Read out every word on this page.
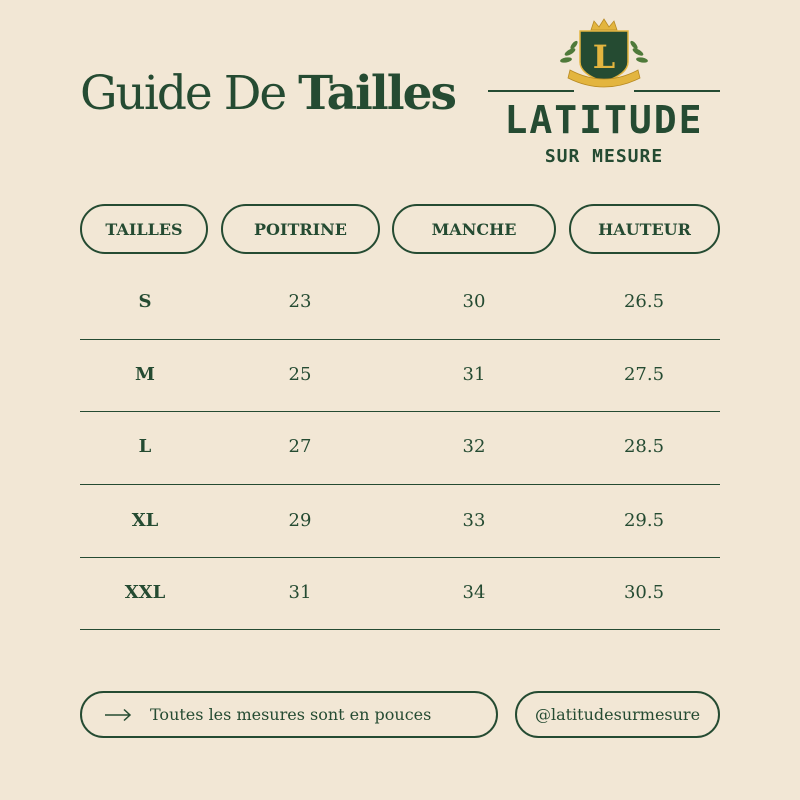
Guide De Tailles
L
LATITUDE
SUR MESURE
TAILLES	POITRINE	MANCHE	HAUTEUR
S	23	30	26.5
M	25	31	27.5
L	27	32	28.5
XL	29	33	29.5
XXL	31	34	30.5
Toutes les mesures sont en pouces	@latitudesurmesure
